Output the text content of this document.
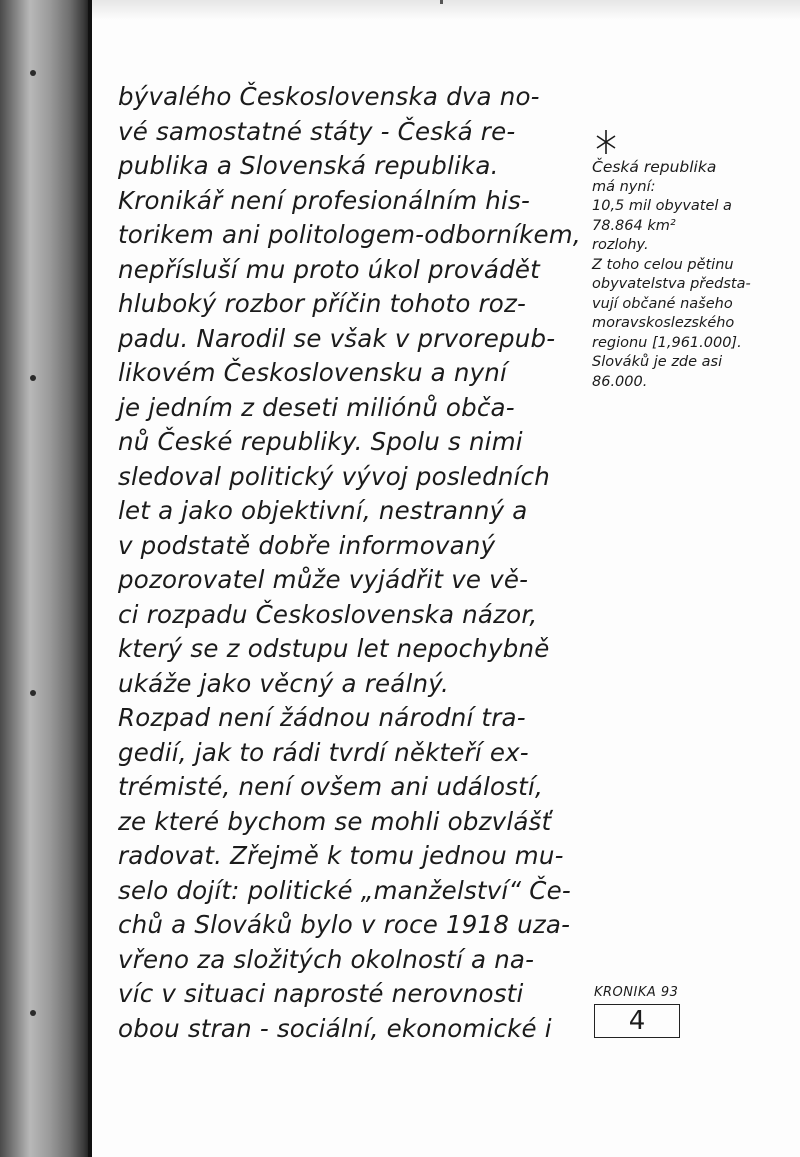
bývalého Československa dva no-
vé samostatné státy - Česká re-
publika a Slovenská republika.
Kronikář není profesionálním his-
torikem ani politologem-odborníkem,
nepřísluší mu proto úkol provádět
hluboký rozbor příčin tohoto roz-
padu. Narodil se však v prvorepub-
likovém Československu a nyní
je jedním z deseti miliónů obča-
nů České republiky. Spolu s nimi
sledoval politický vývoj posledních
let a jako objektivní, nestranný a
v podstatě dobře informovaný
pozorovatel může vyjádřit ve vě-
ci rozpadu Československa názor,
který se z odstupu let nepochybně
ukáže jako věcný a reálný.
Rozpad není žádnou národní tra-
gedií, jak to rádi tvrdí někteří ex-
trémisté, není ovšem ani událostí,
ze které bychom se mohli obzvlášť
radovat. Zřejmě k tomu jednou mu-
selo dojít: politické „manželství“ Če-
chů a Slováků bylo v roce 1918 uza-
vřeno za složitých okolností a na-
víc v situaci naprosté nerovnosti
obou stran - sociální, ekonomické i
Česká republika
má nyní:
10,5 mil obyvatel a
78.864 km²
rozlohy.
Z toho celou pětinu
obyvatelstva předsta-
vují občané našeho
moravskoslezského
regionu [1,961.000].
Slováků je zde asi
86.000.
KRONIKA 93
4
